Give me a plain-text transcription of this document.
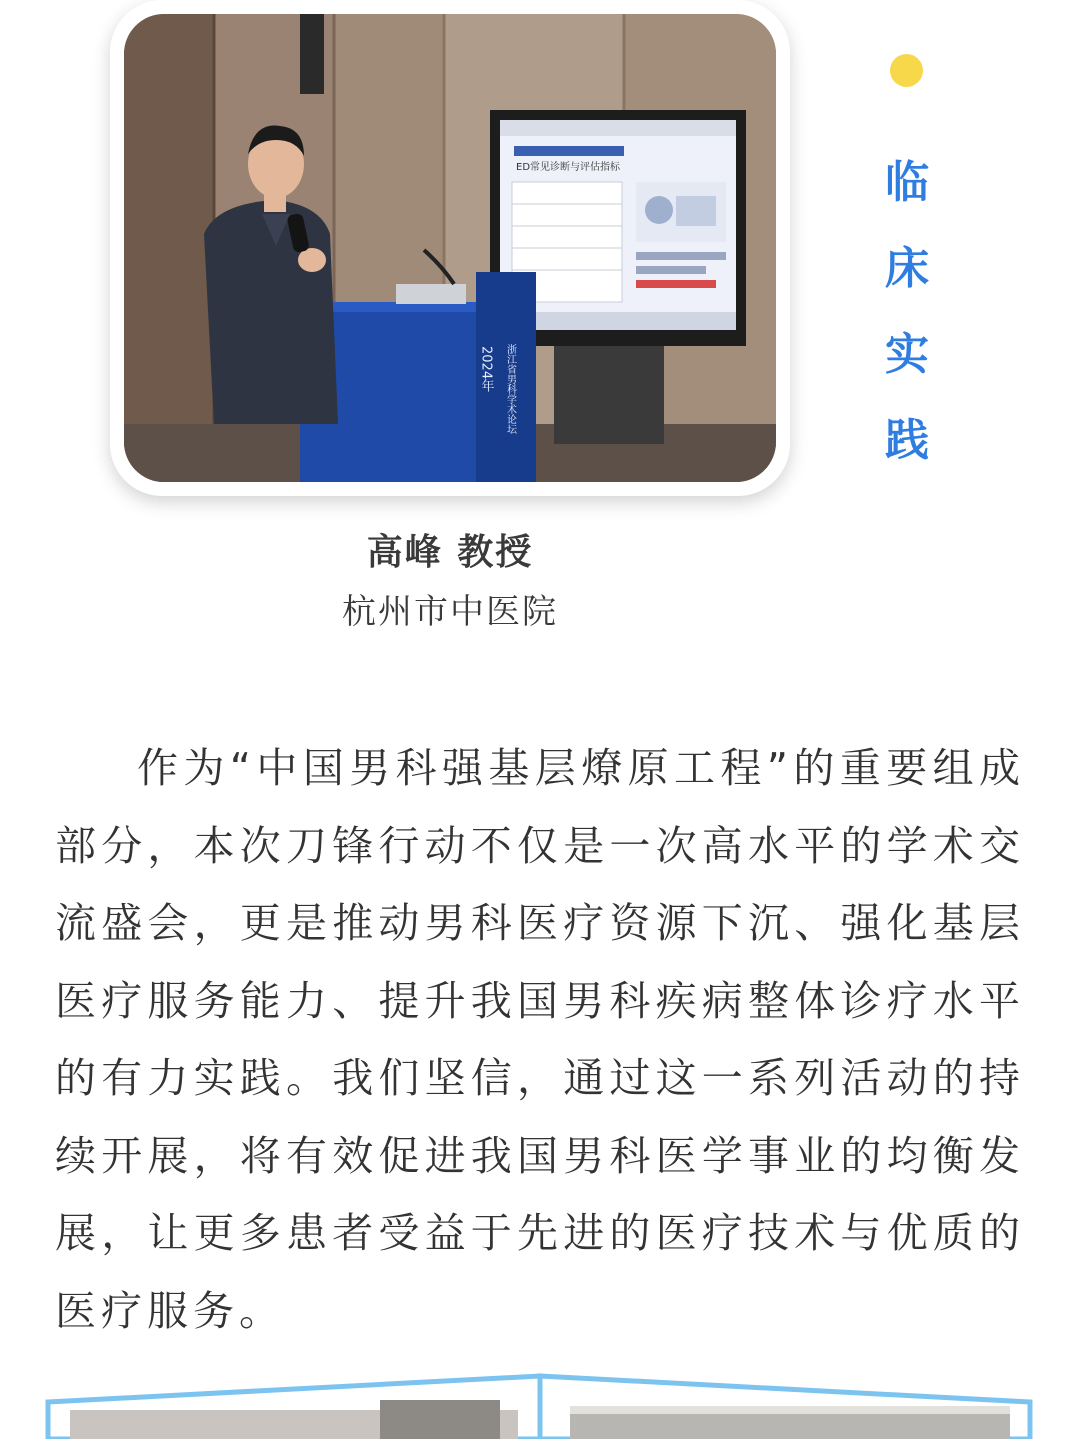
ED常见诊断与评估指标
2024年 浙江省男科学术论坛
临
床
实
践
高峰 教授
杭州市中医院

作为“中国男科强基层燎原工程”的重要组成部分，本次刀锋行动不仅是一次高水平的学术交流盛会，更是推动男科医疗资源下沉、强化基层医疗服务能力、提升我国男科疾病整体诊疗水平的有力实践。我们坚信，通过这一系列活动的持续开展，将有效促进我国男科医学事业的均衡发展，让更多患者受益于先进的医疗技术与优质的医疗服务。
